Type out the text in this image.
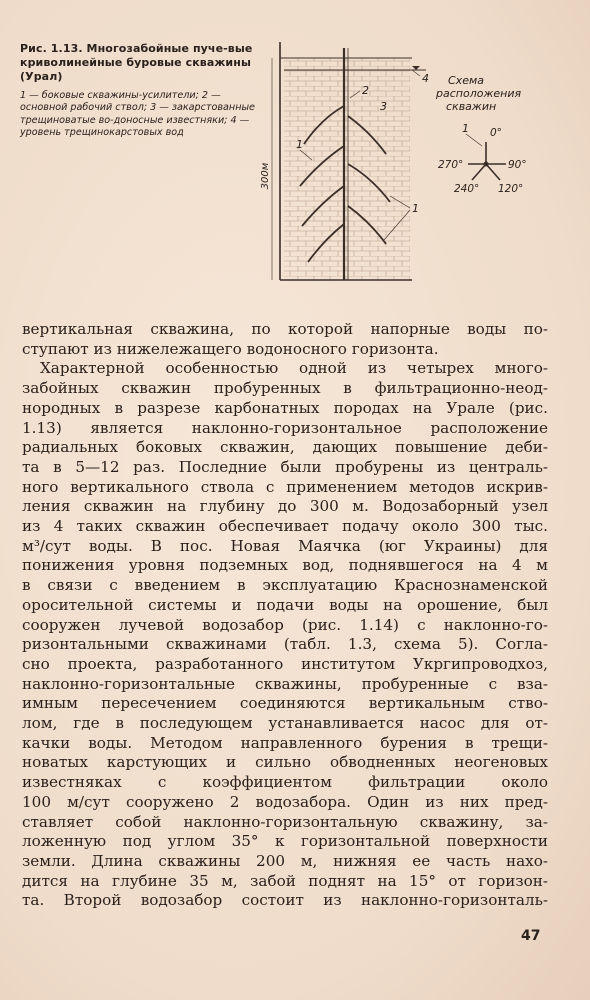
Рис. 1.13. Многозабойные пуче-вые криволинейные буровые скважины (Урал)

1 — боковые скважины-усилители; 2 — основной рабочий ствол; 3 — закарстованные трещиноватые во-доносные известняки; 4 — уровень трещинокарстовых вод

300м
1
2
3
4
1
Схема
расположения
скважин
1 0°
90°
120°
240°
270°
вертикальная скважина, по которой напорные воды по-
ступают из нижележащего водоносного горизонта.
Характерной особенностью одной из четырех много-
забойных скважин пробуренных в фильтрационно-неод-
нородных в разрезе карбонатных породах на Урале (рис.
1.13) является наклонно-горизонтальное расположение
радиальных боковых скважин, дающих повышение деби-
та в 5—12 раз. Последние были пробурены из централь-
ного вертикального ствола с применением методов искрив-
ления скважин на глубину до 300 м. Водозаборный узел
из 4 таких скважин обеспечивает подачу около 300 тыс.
м³/сут воды. В пос. Новая Маячка (юг Украины) для
понижения уровня подземных вод, поднявшегося на 4 м
в связи с введением в эксплуатацию Краснознаменской
оросительной системы и подачи воды на орошение, был
сооружен лучевой водозабор (рис. 1.14) с наклонно-го-
ризонтальными скважинами (табл. 1.3, схема 5). Согла-
сно проекта, разработанного институтом Укргипроводхоз,
наклонно-горизонтальные скважины, пробуренные с вза-
имным пересечением соединяются вертикальным ство-
лом, где в последующем устанавливается насос для от-
качки воды. Методом направленного бурения в трещи-
новатых карстующих и сильно обводненных неогеновых
известняках с коэффициентом фильтрации около
100 м/сут сооружено 2 водозабора. Один из них пред-
ставляет собой наклонно-горизонтальную скважину, за-
ложенную под углом 35° к горизонтальной поверхности
земли. Длина скважины 200 м, нижняя ее часть нахо-
дится на глубине 35 м, забой поднят на 15° от горизон-
та. Второй водозабор состоит из наклонно-горизонталь-
47
